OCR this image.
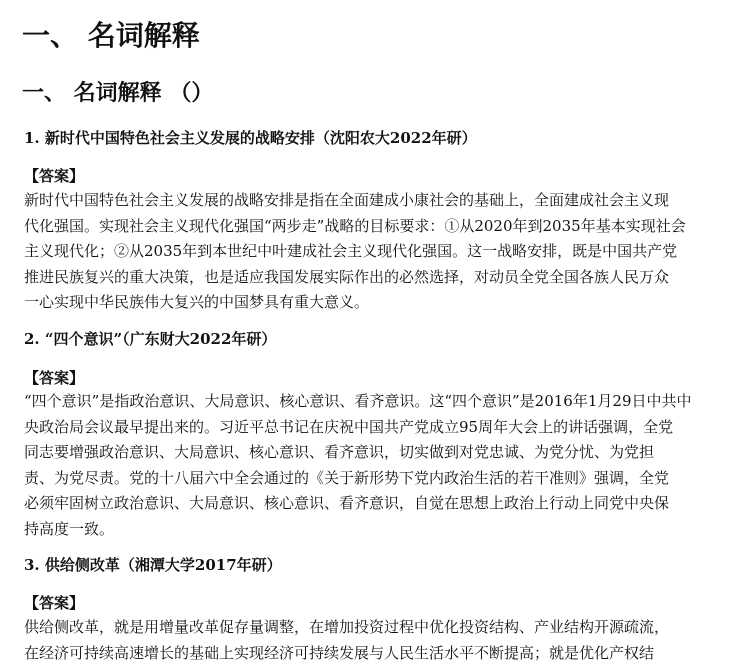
一、 名词解释
一、 名词解释 （）

1. 新时代中国特色社会主义发展的战略安排（沈阳农大2022年研）

【答案】

新时代中国特色社会主义发展的战略安排是指在全面建成小康社会的基础上，全面建成社会主义现
代化强国。实现社会主义现代化强国“两步走”战略的目标要求：①从2020年到2035年基本实现社会
主义现代化；②从2035年到本世纪中叶建成社会主义现代化强国。这一战略安排，既是中国共产党
推进民族复兴的重大决策，也是适应我国发展实际作出的必然选择，对动员全党全国各族人民万众
一心实现中华民族伟大复兴的中国梦具有重大意义。

2. “四个意识”（广东财大2022年研）

【答案】

“四个意识”是指政治意识、大局意识、核心意识、看齐意识。这“四个意识”是2016年1月29日中共中
央政治局会议最早提出来的。习近平总书记在庆祝中国共产党成立95周年大会上的讲话强调，全党
同志要增强政治意识、大局意识、核心意识、看齐意识，切实做到对党忠诚、为党分忧、为党担
责、为党尽责。党的十八届六中全会通过的《关于新形势下党内政治生活的若干准则》强调，全党
必须牢固树立政治意识、大局意识、核心意识、看齐意识，自觉在思想上政治上行动上同党中央保
持高度一致。

3. 供给侧改革（湘潭大学2017年研）

【答案】

供给侧改革，就是用增量改革促存量调整，在增加投资过程中优化投资结构、产业结构开源疏流，
在经济可持续高速增长的基础上实现经济可持续发展与人民生活水平不断提高；就是优化产权结
